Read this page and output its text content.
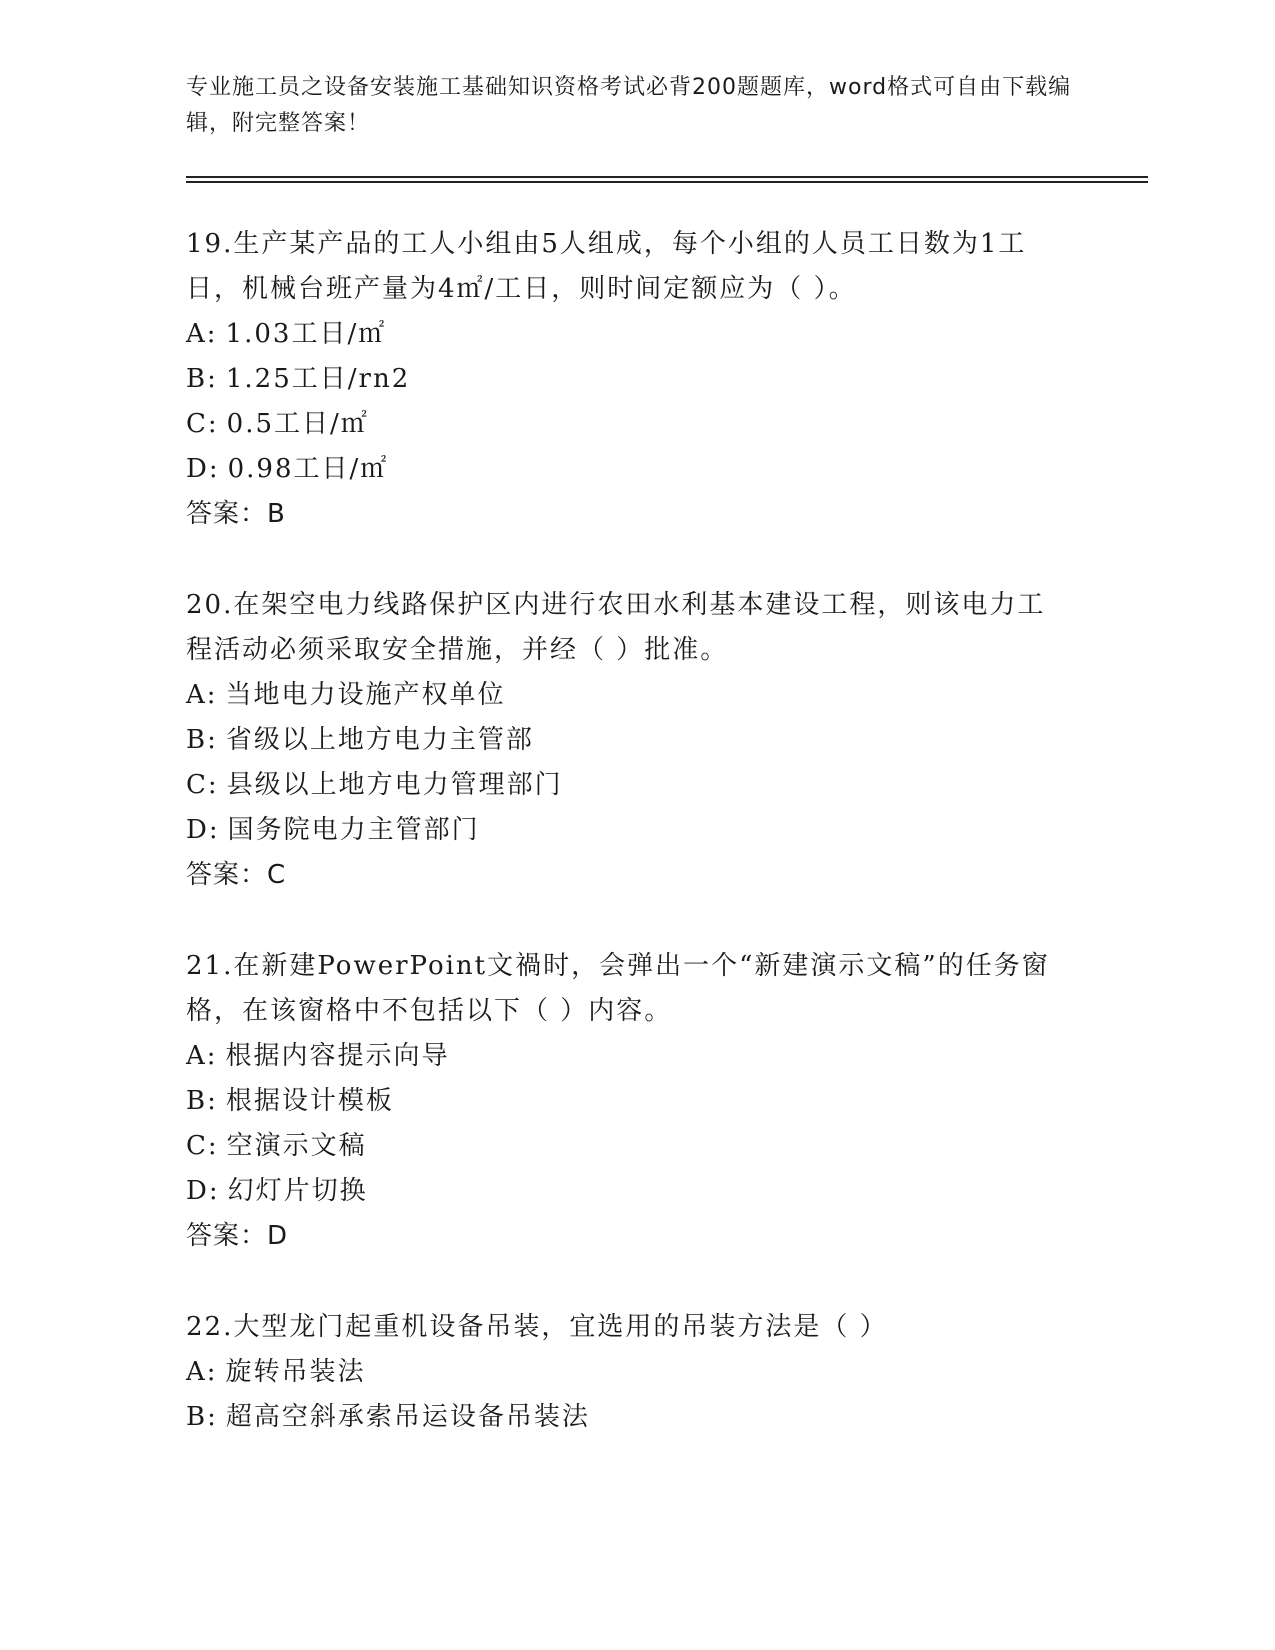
专业施工员之设备安装施工基础知识资格考试必背200题题库，word格式可自由下载编辑，附完整答案！

19.生产某产品的工人小组由5人组成，每个小组的人员工日数为1工日，机械台班产量为4㎡/工日，则时间定额应为（ ）。

A: 1.03工日/㎡

B: 1.25工日/rn2

C: 0.5工日/㎡

D: 0.98工日/㎡

答案：B

20.在架空电力线路保护区内进行农田水利基本建设工程，则该电力工程活动必须采取安全措施，并经（ ）批准。

A: 当地电力设施产权单位

B: 省级以上地方电力主管部

C: 县级以上地方电力管理部门

D: 国务院电力主管部门

答案：C

21.在新建PowerPoint文禍时，会弹出一个“新建演示文稿”的任务窗格，在该窗格中不包括以下（ ）内容。

A: 根据内容提示向导

B: 根据设计模板

C: 空演示文稿

D: 幻灯片切换

答案：D

22.大型龙门起重机设备吊装，宜选用的吊装方法是（ ）

A: 旋转吊装法

B: 超高空斜承索吊运设备吊装法
